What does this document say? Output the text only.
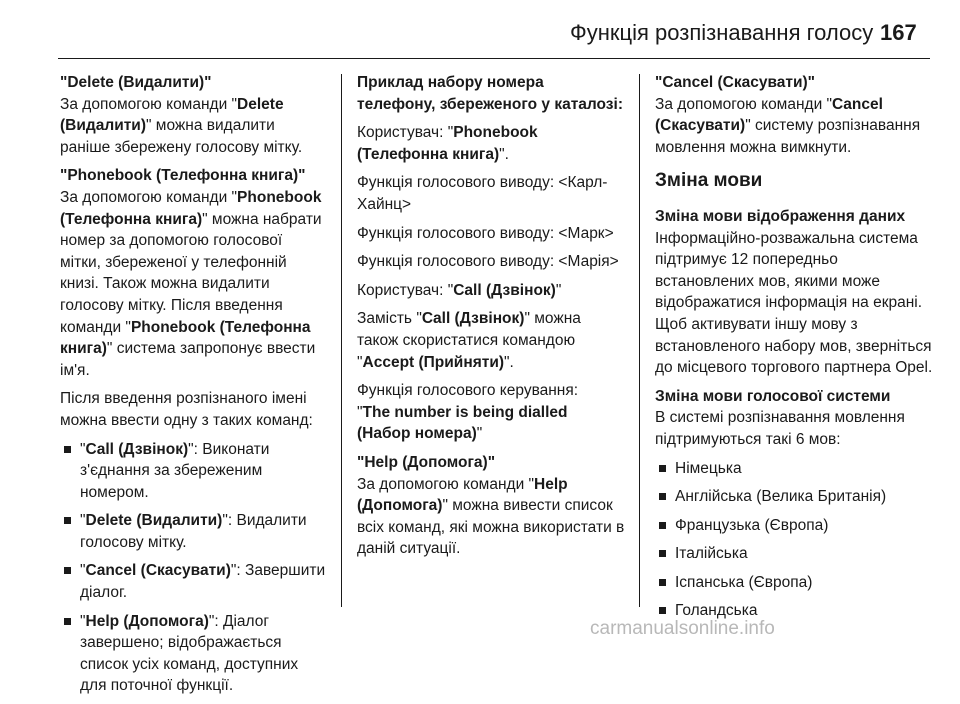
Функція розпізнавання голосу 167

"Delete (Видалити)"

За допомогою команди "Delete (Видалити)" можна видалити раніше збережену голосову мітку.

"Phonebook (Телефонна книга)"

За допомогою команди "Phonebook (Телефонна книга)" можна набрати номер за допомогою голосової мітки, збереженої у телефонній книзі. Також можна видалити голосову мітку. Після введення команди "Phonebook (Телефонна книга)" система запропонує ввести ім'я.

Після введення розпізнаного імені можна ввести одну з таких команд:

"Call (Дзвінок)": Виконати з'єднання за збереженим номером.
"Delete (Видалити)": Видалити голосову мітку.
"Cancel (Скасувати)": Завершити діалог.
"Help (Допомога)": Діалог завершено; відображається список усіх команд, доступних для поточної функції.

Приклад набору номера телефону, збереженого у каталозі:

Користувач: "Phonebook (Телефонна книга)".

Функція голосового виводу: <Карл-Хайнц>

Функція голосового виводу: <Марк>

Функція голосового виводу: <Марія>

Користувач: "Call (Дзвінок)"

Замість "Call (Дзвінок)" можна також скористатися командою "Accept (Прийняти)".

Функція голосового керування:
"The number is being dialled (Набор номера)"

"Help (Допомога)"

За допомогою команди "Help (Допомога)" можна вивести список всіх команд, які можна використати в даній ситуації.

"Cancel (Скасувати)"

За допомогою команди "Cancel (Скасувати)" систему розпізнавання мовлення можна вимкнути.

Зміна мови

Зміна мови відображення даних

Інформаційно-розважальна система підтримує 12 попередньо встановлених мов, якими може відображатися інформація на екрані. Щоб активувати іншу мову з встановленого набору мов, зверніться до місцевого торгового партнера Opel.

Зміна мови голосової системи

В системі розпізнавання мовлення підтримуються такі 6 мов:

Німецька
Англійська (Велика Британія)
Французька (Європа)
Італійська
Іспанська (Європа)
Голандська
carmanualsonline.info
